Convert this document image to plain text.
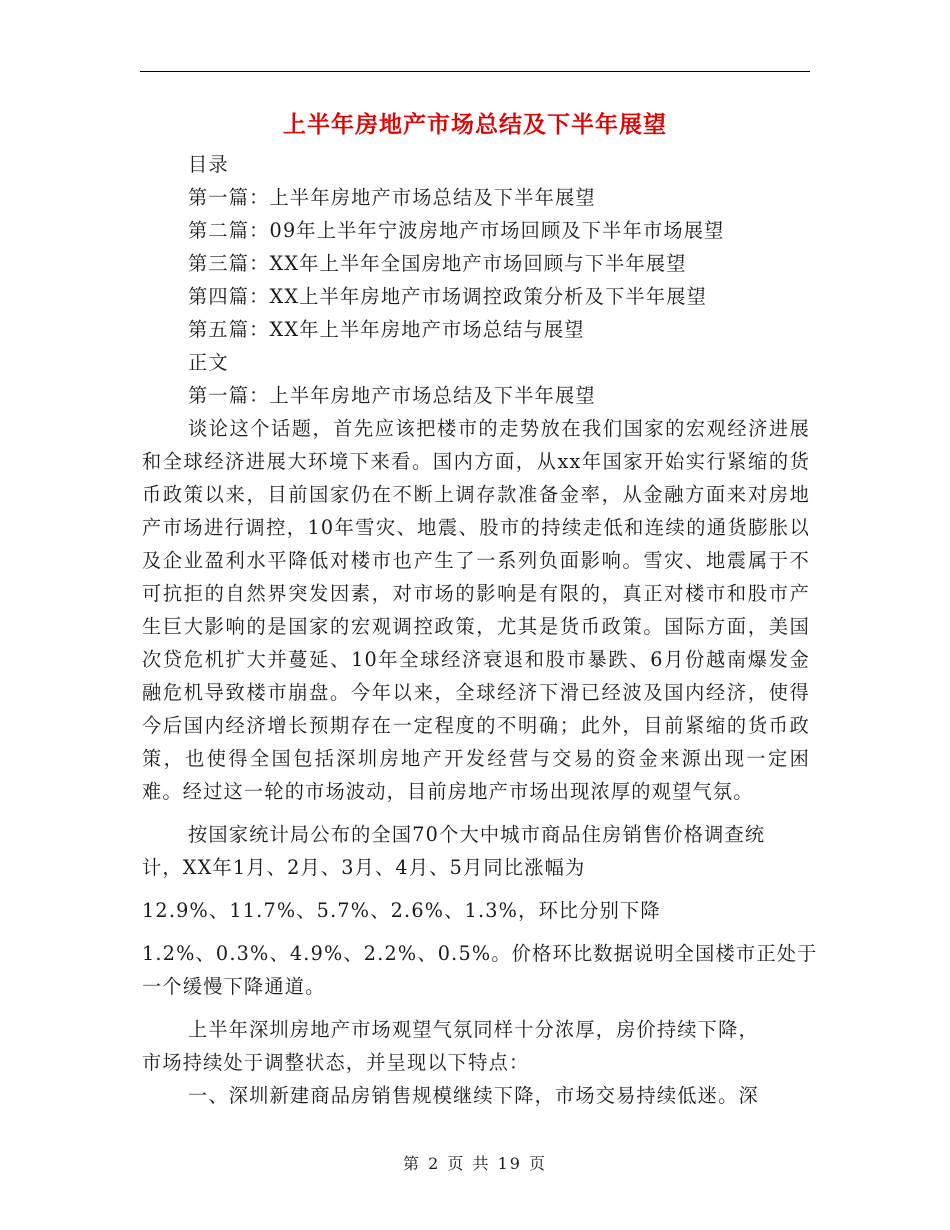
上半年房地产市场总结及下半年展望
目录
第一篇：上半年房地产市场总结及下半年展望
第二篇：09年上半年宁波房地产市场回顾及下半年市场展望
第三篇：XX年上半年全国房地产市场回顾与下半年展望
第四篇：XX上半年房地产市场调控政策分析及下半年展望
第五篇：XX年上半年房地产市场总结与展望
正文
第一篇：上半年房地产市场总结及下半年展望
谈论这个话题，首先应该把楼市的走势放在我们国家的宏观经济进展和全球经济进展大环境下来看。国内方面，从xx年国家开始实行紧缩的货币政策以来，目前国家仍在不断上调存款准备金率，从金融方面来对房地产市场进行调控，10年雪灾、地震、股市的持续走低和连续的通货膨胀以及企业盈利水平降低对楼市也产生了一系列负面影响。雪灾、地震属于不可抗拒的自然界突发因素，对市场的影响是有限的，真正对楼市和股市产生巨大影响的是国家的宏观调控政策，尤其是货币政策。国际方面，美国次贷危机扩大并蔓延、10年全球经济衰退和股市暴跌、6月份越南爆发金融危机导致楼市崩盘。今年以来，全球经济下滑已经波及国内经济，使得今后国内经济增长预期存在一定程度的不明确；此外，目前紧缩的货币政策，也使得全国包括深圳房地产开发经营与交易的资金来源出现一定困难。经过这一轮的市场波动，目前房地产市场出现浓厚的观望气氛。
按国家统计局公布的全国70个大中城市商品住房销售价格调查统
计，XX年1月、2月、3月、4月、5月同比涨幅为
12.9%、11.7%、5.7%、2.6%、1.3%，环比分别下降
1.2%、0.3%、4.9%、2.2%、0.5%。价格环比数据说明全国楼市正处于
一个缓慢下降通道。
上半年深圳房地产市场观望气氛同样十分浓厚，房价持续下降，
市场持续处于调整状态，并呈现以下特点：
一、深圳新建商品房销售规模继续下降，市场交易持续低迷。深
第 2 页 共 19 页
